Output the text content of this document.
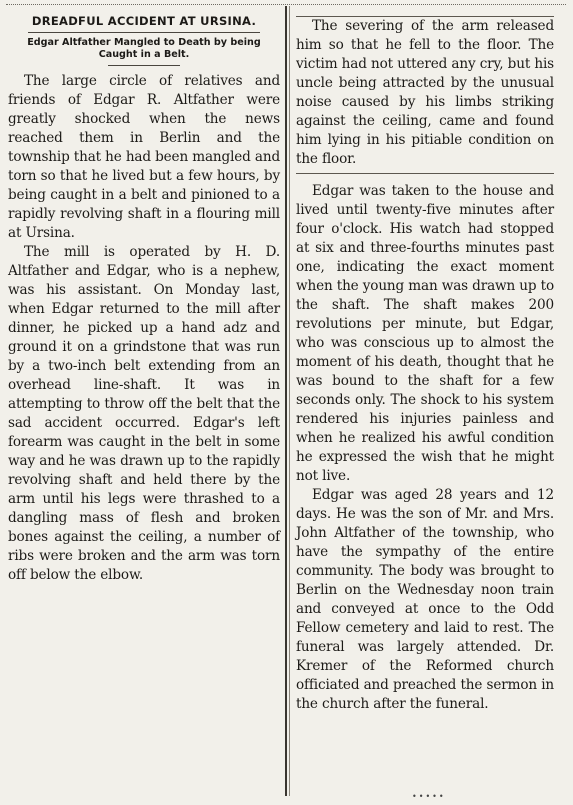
DREADFUL ACCIDENT AT URSINA.
Edgar Altfather Mangled to Death by being Caught in a Belt.

The large circle of relatives and friends of Edgar R. Altfather were greatly shocked when the news reached them in Berlin and the township that he had been mangled and torn so that he lived but a few hours, by being caught in a belt and pinioned to a rapidly revolving shaft in a flouring mill at Ursina.

The mill is operated by H. D. Altfather and Edgar, who is a nephew, was his assistant. On Monday last, when Edgar returned to the mill after dinner, he picked up a hand adz and ground it on a grindstone that was run by a two-inch belt extending from an overhead line-shaft. It was in attempting to throw off the belt that the sad accident occurred. Edgar's left forearm was caught in the belt in some way and he was drawn up to the rapidly revolving shaft and held there by the arm until his legs were thrashed to a dangling mass of flesh and broken bones against the ceiling, a number of ribs were broken and the arm was torn off below the elbow.

The severing of the arm released him so that he fell to the floor. The victim had not uttered any cry, but his uncle being attracted by the unusual noise caused by his limbs striking against the ceiling, came and found him lying in his pitiable condition on the floor.

Edgar was taken to the house and lived until twenty-five minutes after four o'clock. His watch had stopped at six and three-fourths minutes past one, indicating the exact moment when the young man was drawn up to the shaft. The shaft makes 200 revolutions per minute, but Edgar, who was conscious up to almost the moment of his death, thought that he was bound to the shaft for a few seconds only. The shock to his system rendered his injuries painless and when he realized his awful condition he expressed the wish that he might not live.

Edgar was aged 28 years and 12 days. He was the son of Mr. and Mrs. John Altfather of the township, who have the sympathy of the entire community. The body was brought to Berlin on the Wednesday noon train and conveyed at once to the Odd Fellow cemetery and laid to rest. The funeral was largely attended. Dr. Kremer of the Reformed church officiated and preached the sermon in the church after the funeral.

•••••
